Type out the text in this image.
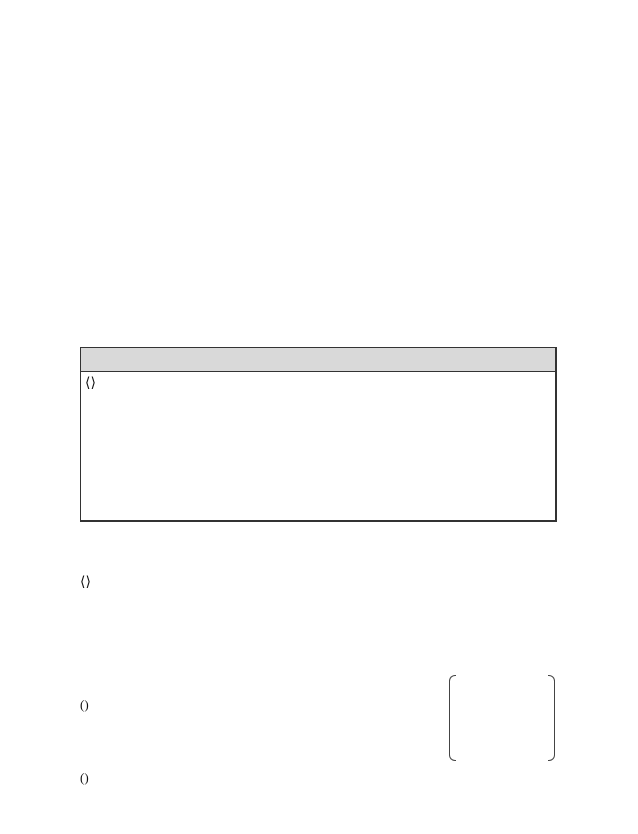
⟨⟩
⟨⟩
()
()
